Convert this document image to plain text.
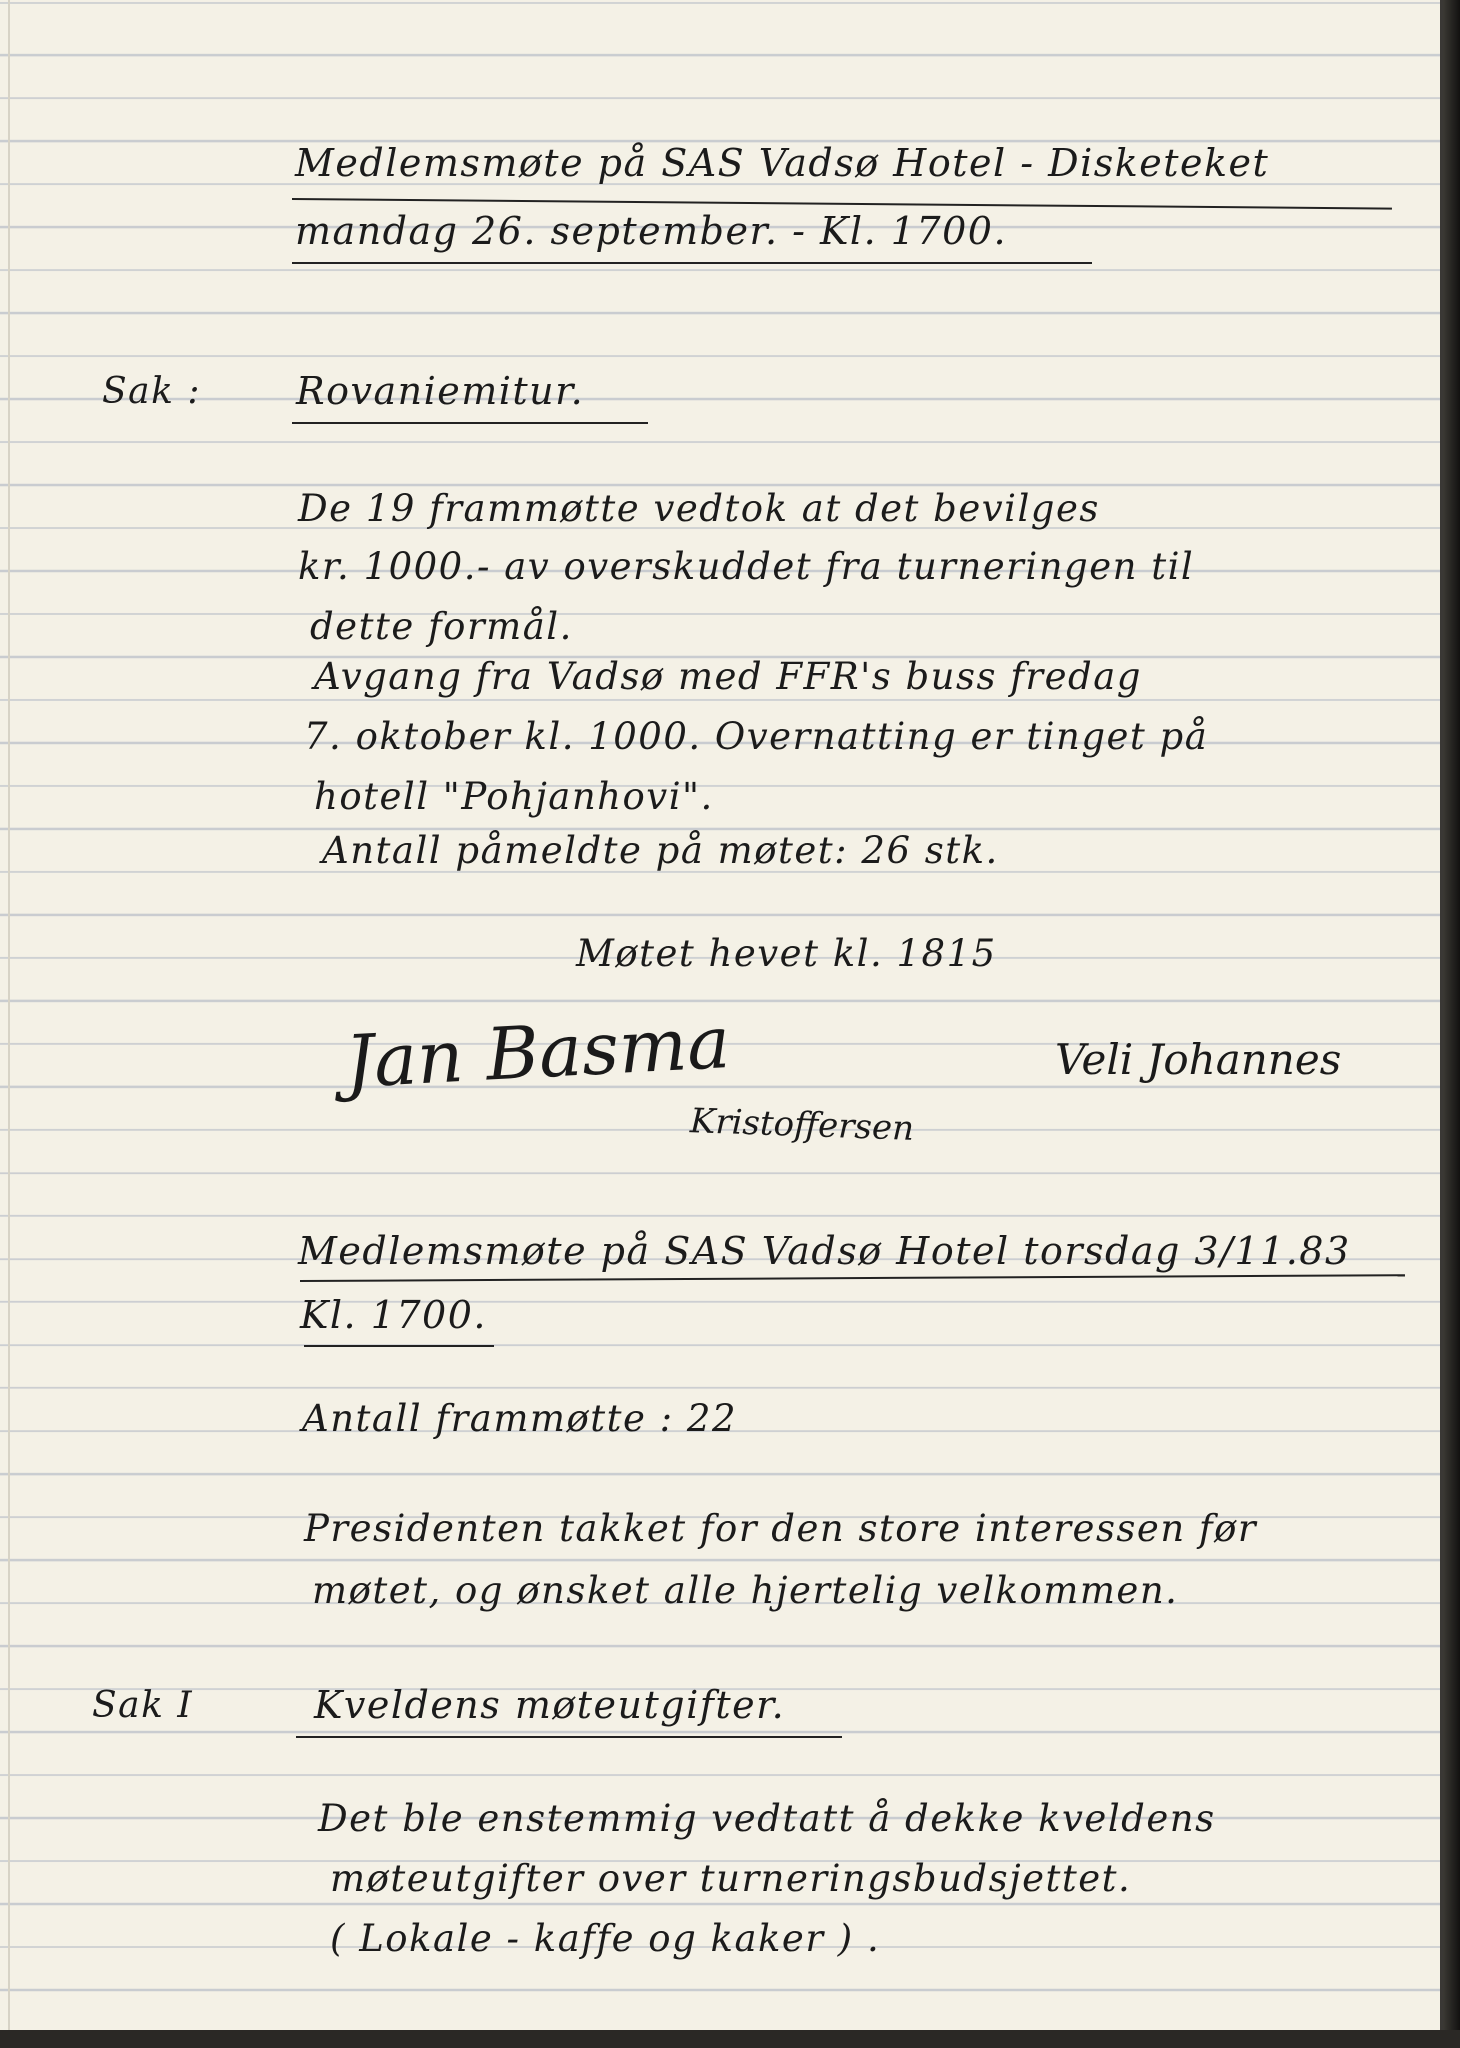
Medlemsmøte på SAS Vadsø Hotel - Disketeket
mandag 26. september. - Kl. 1700.
Sak : Rovaniemitur.
De 19 frammøtte vedtok at det bevilges
kr. 1000.- av overskuddet fra turneringen til
dette formål.
Avgang fra Vadsø med FFR's buss fredag
7. oktober kl. 1000. Overnatting er tinget på
hotell "Pohjanhovi".
Antall påmeldte på møtet: 26 stk.
Møtet hevet kl. 1815
Jan Basma
Kristoffersen
Veli Johannes
Medlemsmøte på SAS Vadsø Hotel torsdag 3/11.83
Kl. 1700.
Antall frammøtte : 22
Presidenten takket for den store interessen før
møtet, og ønsket alle hjertelig velkommen.
Sak I	Kveldens møteutgifter.
Det ble enstemmig vedtatt å dekke kveldens
møteutgifter over turneringsbudsjettet.
( Lokale - kaffe og kaker ) .
